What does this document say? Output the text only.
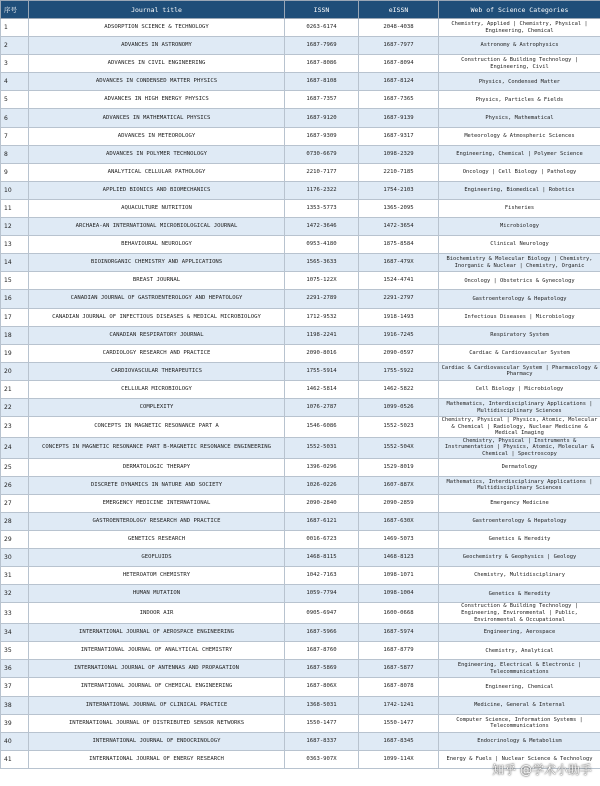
序号	Journal title	ISSN	eISSN	Web of Science Categories
1	ADSORPTION SCIENCE & TECHNOLOGY	0263-6174	2048-4038	Chemistry, Applied | Chemistry, Physical | Engineering, Chemical
2	ADVANCES IN ASTRONOMY	1687-7969	1687-7977	Astronomy & Astrophysics
3	ADVANCES IN CIVIL ENGINEERING	1687-8086	1687-8094	Construction & Building Technology | Engineering, Civil
4	ADVANCES IN CONDENSED MATTER PHYSICS	1687-8108	1687-8124	Physics, Condensed Matter
5	ADVANCES IN HIGH ENERGY PHYSICS	1687-7357	1687-7365	Physics, Particles & Fields
6	ADVANCES IN MATHEMATICAL PHYSICS	1687-9120	1687-9139	Physics, Mathematical
7	ADVANCES IN METEOROLOGY	1687-9309	1687-9317	Meteorology & Atmospheric Sciences
8	ADVANCES IN POLYMER TECHNOLOGY	0730-6679	1098-2329	Engineering, Chemical | Polymer Science
9	ANALYTICAL CELLULAR PATHOLOGY	2210-7177	2210-7185	Oncology | Cell Biology | Pathology
10	APPLIED BIONICS AND BIOMECHANICS	1176-2322	1754-2103	Engineering, Biomedical | Robotics
11	AQUACULTURE NUTRITION	1353-5773	1365-2095	Fisheries
12	ARCHAEA-AN INTERNATIONAL MICROBIOLOGICAL JOURNAL	1472-3646	1472-3654	Microbiology
13	BEHAVIOURAL NEUROLOGY	0953-4180	1875-8584	Clinical Neurology
14	BIOINORGANIC CHEMISTRY AND APPLICATIONS	1565-3633	1687-479X	Biochemistry & Molecular Biology | Chemistry, Inorganic & Nuclear | Chemistry, Organic
15	BREAST JOURNAL	1075-122X	1524-4741	Oncology | Obstetrics & Gynecology
16	CANADIAN JOURNAL OF GASTROENTEROLOGY AND HEPATOLOGY	2291-2789	2291-2797	Gastroenterology & Hepatology
17	CANADIAN JOURNAL OF INFECTIOUS DISEASES & MEDICAL MICROBIOLOGY	1712-9532	1918-1493	Infectious Diseases | Microbiology
18	CANADIAN RESPIRATORY JOURNAL	1198-2241	1916-7245	Respiratory System
19	CARDIOLOGY RESEARCH AND PRACTICE	2090-8016	2090-0597	Cardiac & Cardiovascular System
20	CARDIOVASCULAR THERAPEUTICS	1755-5914	1755-5922	Cardiac & Cardiovascular System | Pharmacology & Pharmacy
21	CELLULAR MICROBIOLOGY	1462-5814	1462-5822	Cell Biology | Microbiology
22	COMPLEXITY	1076-2787	1099-0526	Mathematics, Interdisciplinary Applications | Multidisciplinary Sciences
23	CONCEPTS IN MAGNETIC RESONANCE PART A	1546-6086	1552-5023	Chemistry, Physical | Physics, Atomic, Molecular & Chemical | Radiology, Nuclear Medicine & Medical Imaging
24	CONCEPTS IN MAGNETIC RESONANCE PART B-MAGNETIC RESONANCE ENGINEERING	1552-5031	1552-504X	Chemistry, Physical | Instruments & Instrumentation | Physics, Atomic, Molecular & Chemical | Spectroscopy
25	DERMATOLOGIC THERAPY	1396-0296	1529-8019	Dermatology
26	DISCRETE DYNAMICS IN NATURE AND SOCIETY	1026-0226	1607-887X	Mathematics, Interdisciplinary Applications | Multidisciplinary Sciences
27	EMERGENCY MEDICINE INTERNATIONAL	2090-2840	2090-2859	Emergency Medicine
28	GASTROENTEROLOGY RESEARCH AND PRACTICE	1687-6121	1687-630X	Gastroenterology & Hepatology
29	GENETICS RESEARCH	0016-6723	1469-5073	Genetics & Heredity
30	GEOFLUIDS	1468-8115	1468-8123	Geochemistry & Geophysics | Geology
31	HETEROATOM CHEMISTRY	1042-7163	1098-1071	Chemistry, Multidisciplinary
32	HUMAN MUTATION	1059-7794	1098-1004	Genetics & Heredity
33	INDOOR AIR	0905-6947	1600-0668	Construction & Building Technology | Engineering, Environmental | Public, Environmental & Occupational
34	INTERNATIONAL JOURNAL OF AEROSPACE ENGINEERING	1687-5966	1687-5974	Engineering, Aerospace
35	INTERNATIONAL JOURNAL OF ANALYTICAL CHEMISTRY	1687-8760	1687-8779	Chemistry, Analytical
36	INTERNATIONAL JOURNAL OF ANTENNAS AND PROPAGATION	1687-5869	1687-5877	Engineering, Electrical & Electronic | Telecommunications
37	INTERNATIONAL JOURNAL OF CHEMICAL ENGINEERING	1687-806X	1687-8078	Engineering, Chemical
38	INTERNATIONAL JOURNAL OF CLINICAL PRACTICE	1368-5031	1742-1241	Medicine, General & Internal
39	INTERNATIONAL JOURNAL OF DISTRIBUTED SENSOR NETWORKS	1550-1477	1550-1477	Computer Science, Information Systems | Telecommunications
40	INTERNATIONAL JOURNAL OF ENDOCRINOLOGY	1687-8337	1687-8345	Endocrinology & Metabolism
41	INTERNATIONAL JOURNAL OF ENERGY RESEARCH	0363-907X	1099-114X	Energy & Fuels | Nuclear Science & Technology
知乎 @学术小助手
